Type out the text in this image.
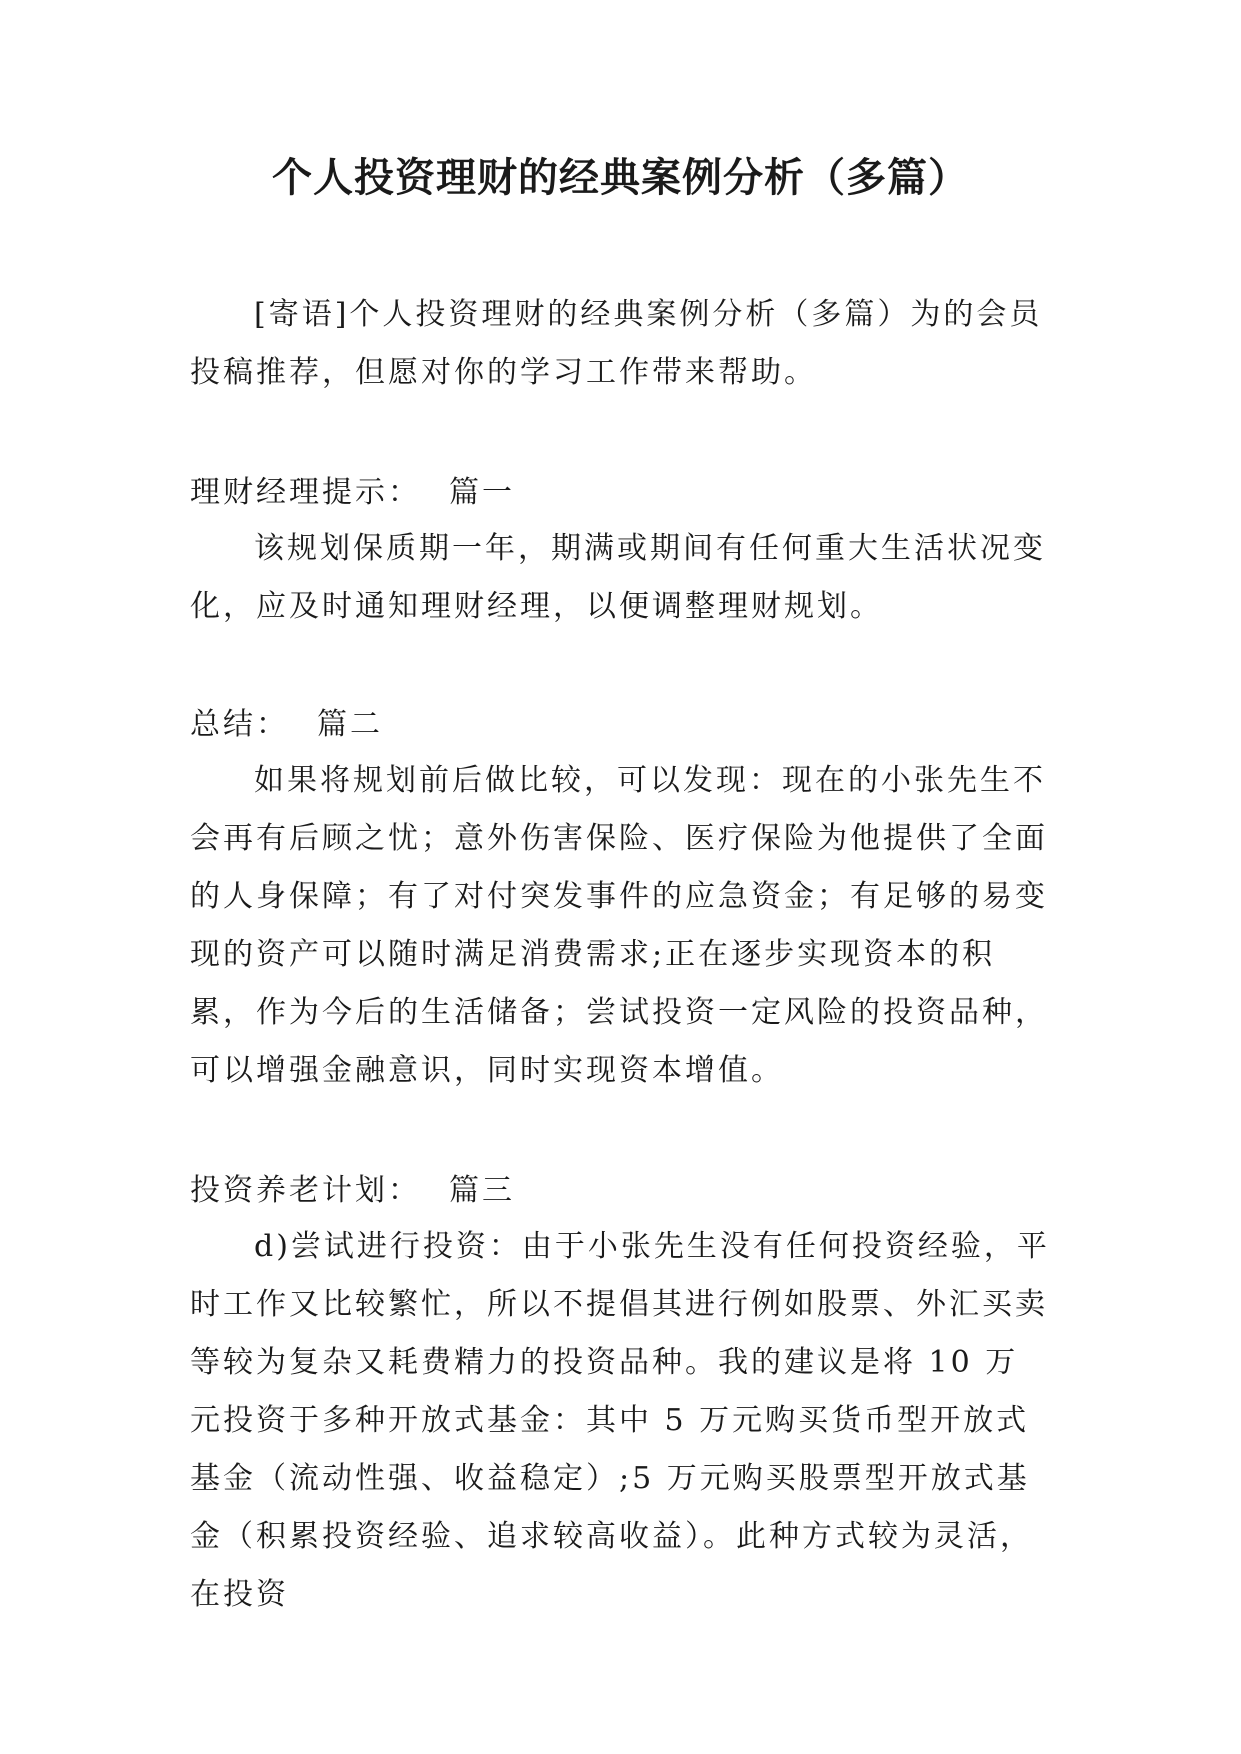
个人投资理财的经典案例分析（多篇）

[寄语]个人投资理财的经典案例分析（多篇）为的会员投稿推荐，但愿对你的学习工作带来帮助。

理财经理提示： 篇一

该规划保质期一年，期满或期间有任何重大生活状况变化，应及时通知理财经理，以便调整理财规划。

总结： 篇二

如果将规划前后做比较，可以发现：现在的小张先生不会再有后顾之忧；意外伤害保险、医疗保险为他提供了全面的人身保障；有了对付突发事件的应急资金；有足够的易变现的资产可以随时满足消费需求;正在逐步实现资本的积累，作为今后的生活储备；尝试投资一定风险的投资品种，可以增强金融意识，同时实现资本增值。

投资养老计划： 篇三

d)尝试进行投资：由于小张先生没有任何投资经验，平时工作又比较繁忙，所以不提倡其进行例如股票、外汇买卖等较为复杂又耗费精力的投资品种。我的建议是将 10 万元投资于多种开放式基金：其中 5 万元购买货币型开放式基金（流动性强、收益稳定）;5 万元购买股票型开放式基金（积累投资经验、追求较高收益）。此种方式较为灵活，在投资
